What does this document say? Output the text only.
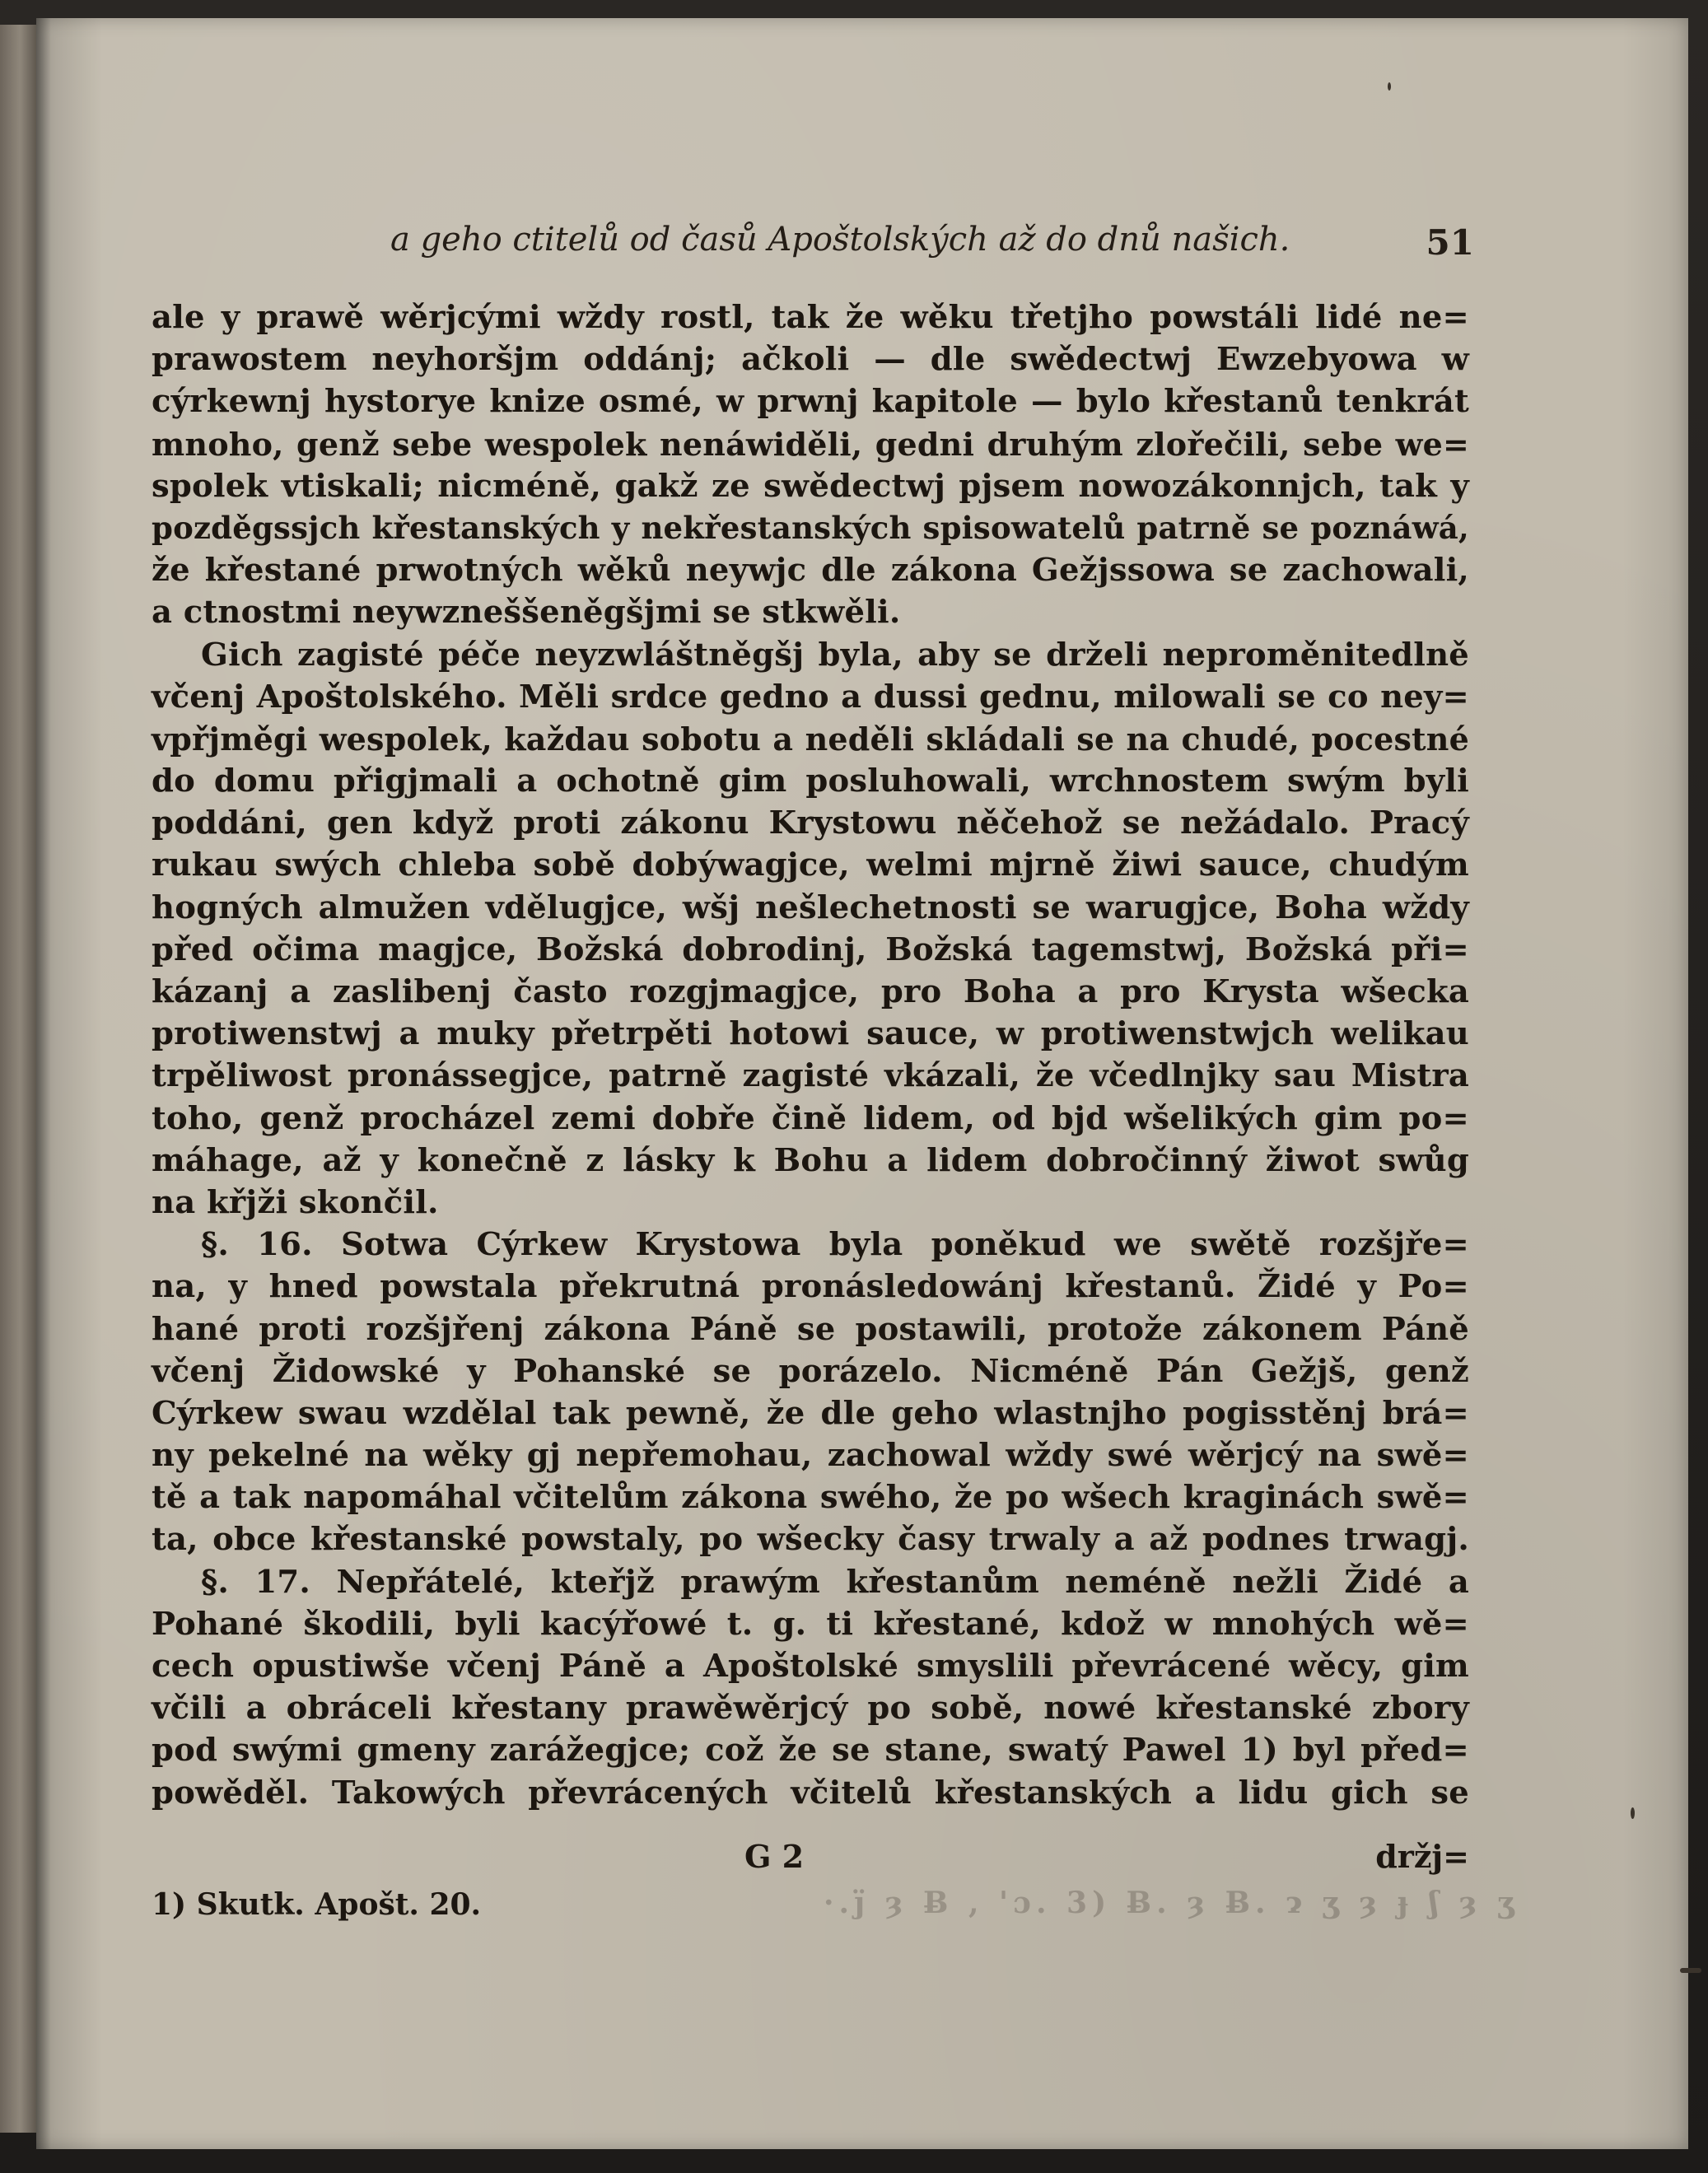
a geho ctitelů od časů Apoštolských až do dnů našich.	51
ale y prawě wěrjcými wždy rostl, tak že wěku třetjho powstáli lidé ne=
prawostem neyhoršjm oddánj; ačkoli — dle swědectwj Ewzebyowa w
cýrkewnj hystorye knize osmé, w prwnj kapitole — bylo křestanů tenkrát
mnoho, genž sebe wespolek nenáwiděli, gedni druhým zlořečili, sebe we=
spolek vtiskali; nicméně, gakž ze swědectwj pjsem nowozákonnjch, tak y
pozděgssjch křestanských y nekřestanských spisowatelů patrně se poznáwá,
že křestané prwotných wěků neywjc dle zákona Gežjssowa se zachowali,
a ctnostmi neywzneššeněgšjmi se stkwěli.
Gich zagisté péče neyzwláštněgšj byla, aby se drželi neproměnitedlně
včenj Apoštolského. Měli srdce gedno a dussi gednu, milowali se co ney=
vpřjměgi wespolek, každau sobotu a neděli skládali se na chudé, pocestné
do domu přigjmali a ochotně gim posluhowali, wrchnostem swým byli
poddáni, gen když proti zákonu Krystowu něčehož se nežádalo. Pracý
rukau swých chleba sobě dobýwagjce, welmi mjrně žiwi sauce, chudým
hogných almužen vdělugjce, wšj nešlechetnosti se warugjce, Boha wždy
před očima magjce, Božská dobrodinj, Božská tagemstwj, Božská při=
kázanj a zaslibenj často rozgjmagjce, pro Boha a pro Krysta wšecka
protiwenstwj a muky přetrpěti hotowi sauce, w protiwenstwjch welikau
trpěliwost pronássegjce, patrně zagisté vkázali, že včedlnjky sau Mistra
toho, genž procházel zemi dobře čině lidem, od bjd wšelikých gim po=
máhage, až y konečně z lásky k Bohu a lidem dobročinný žiwot swůg
na křjži skončil.
§. 16. Sotwa Cýrkew Krystowa byla poněkud we swětě rozšjře=
na, y hned powstala překrutná pronásledowánj křestanů. Židé y Po=
hané proti rozšjřenj zákona Páně se postawili, protože zákonem Páně
včenj Židowské y Pohanské se porázelo. Nicméně Pán Gežjš, genž
Cýrkew swau wzdělal tak pewně, že dle geho wlastnjho pogisstěnj brá=
ny pekelné na wěky gj nepřemohau, zachowal wždy swé wěrjcý na swě=
tě a tak napomáhal včitelům zákona swého, že po wšech kraginách swě=
ta, obce křestanské powstaly, po wšecky časy trwaly a až podnes trwagj.
§. 17. Nepřátelé, kteřjž prawým křestanům neméně nežli Židé a
Pohané škodili, byli kacýřowé t. g. ti křestané, kdož w mnohých wě=
cech opustiwše včenj Páně a Apoštolské smyslili převrácené wěcy, gim
včili a obráceli křestany prawěwěrjcý po sobě, nowé křestanské zbory
pod swými gmeny zarážegjce; což že se stane, swatý Pawel 1) byl před=
powěděl. Takowých převrácených včitelů křestanských a lidu gich se
G 2	držj=
1) Skutk. Apošt. 20.	·.j̈ ȝ Ƀ , 'ɔ. 3) Ƀ. ȝ Ƀ. ɂ ʒ ȝ ɟ ʃ ȝ ʒ
